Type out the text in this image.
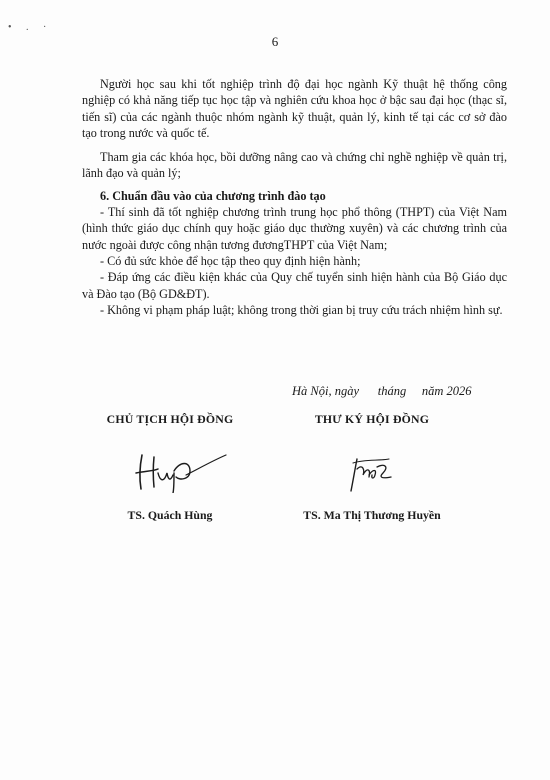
• . ·
6

Người học sau khi tốt nghiệp trình độ đại học ngành Kỹ thuật hệ thống công nghiệp có khả năng tiếp tục học tập và nghiên cứu khoa học ở bậc sau đại học (thạc sĩ, tiến sĩ) của các ngành thuộc nhóm ngành kỹ thuật, quản lý, kinh tế tại các cơ sở đào tạo trong nước và quốc tế.

Tham gia các khóa học, bồi dưỡng nâng cao và chứng chỉ nghề nghiệp về quản trị, lãnh đạo và quản lý;

6. Chuẩn đầu vào của chương trình đào tạo

- Thí sinh đã tốt nghiệp chương trình trung học phổ thông (THPT) của Việt Nam (hình thức giáo dục chính quy hoặc giáo dục thường xuyên) và các chương trình của nước ngoài được công nhận tương đươngTHPT của Việt Nam;

- Có đủ sức khỏe để học tập theo quy định hiện hành;

- Đáp ứng các điều kiện khác của Quy chế tuyển sinh hiện hành của Bộ Giáo dục và Đào tạo (Bộ GD&ĐT).

- Không vi phạm pháp luật; không trong thời gian bị truy cứu trách nhiệm hình sự.

Hà Nội, ngày      tháng     năm 2026
CHỦ TỊCH HỘI ĐỒNG
TS. Quách Hùng
THƯ KÝ HỘI ĐỒNG
TS. Ma Thị Thương Huyền
